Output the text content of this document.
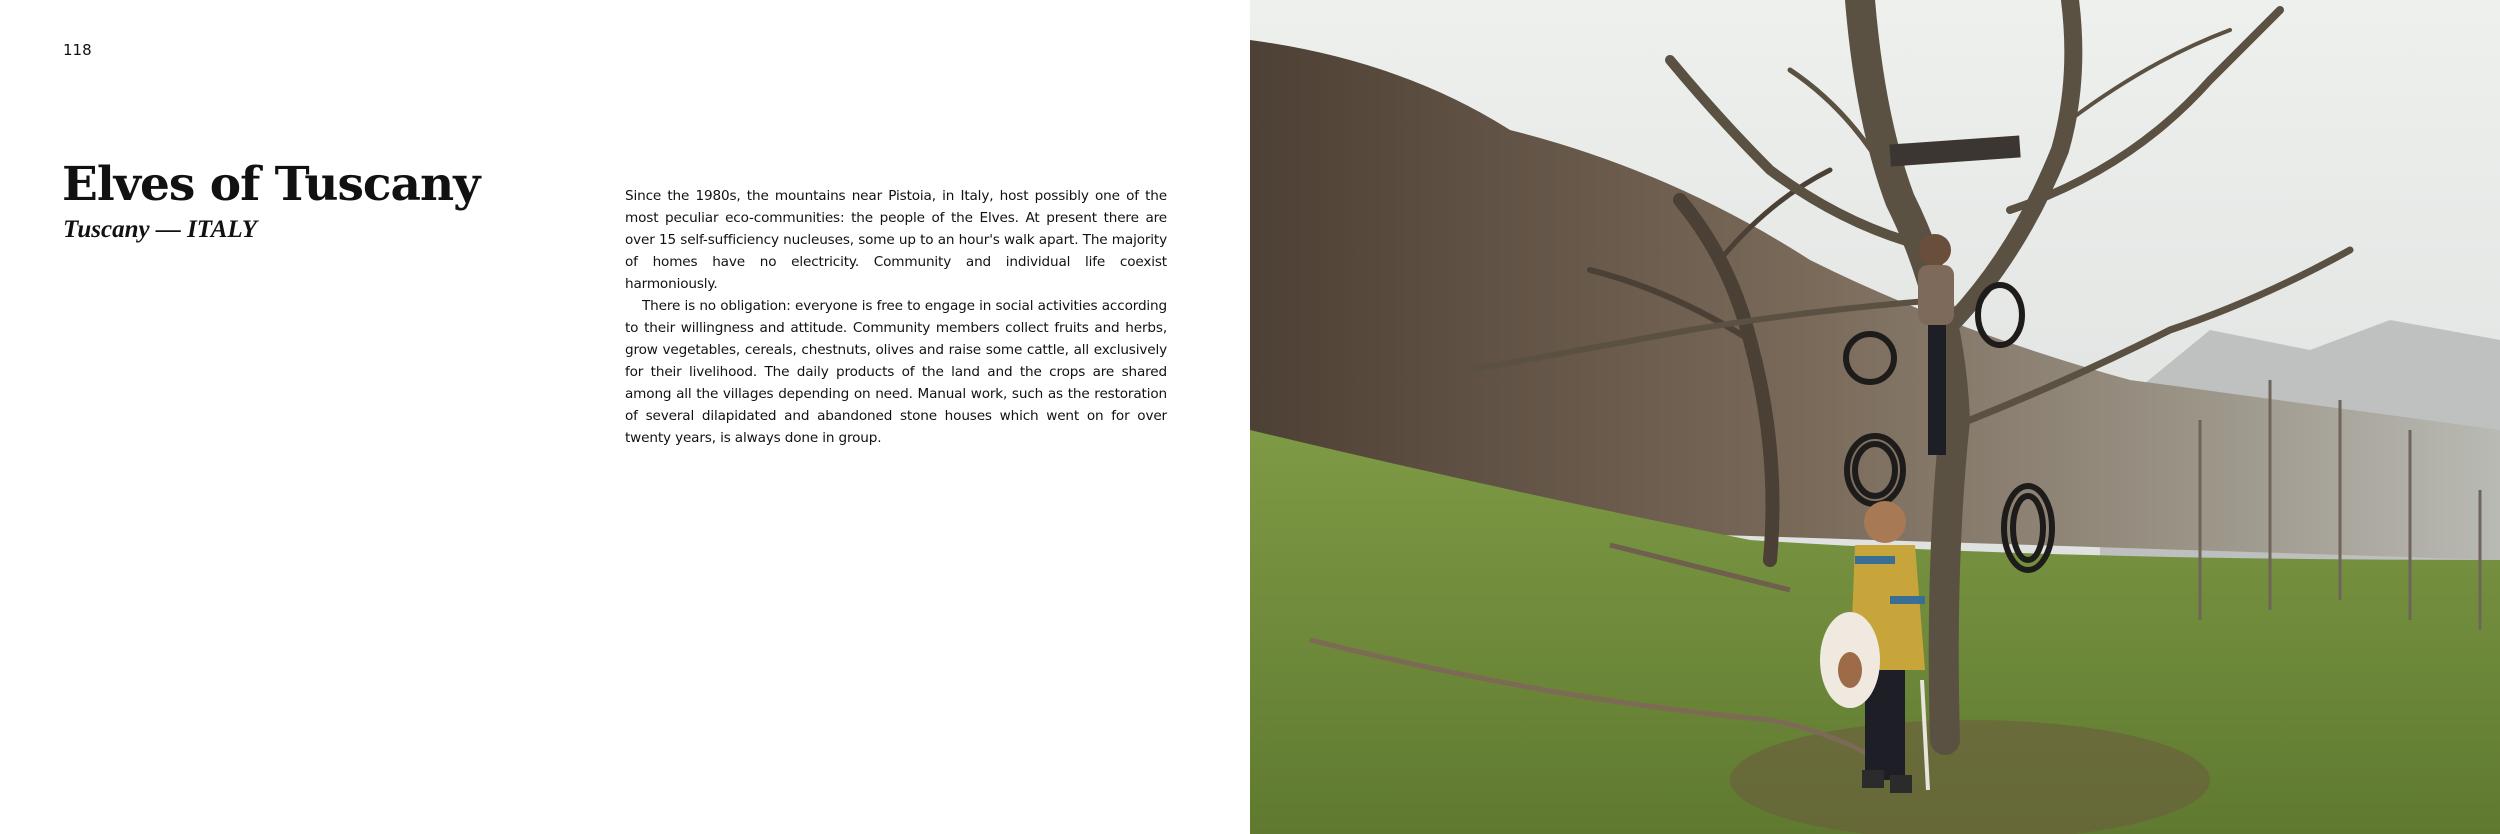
118
Elves of Tuscany
Tuscany — ITALY

Since the 1980s, the mountains near Pistoia, in Italy, host possibly one of the most peculiar eco-communities: the people of the Elves. At present there are over 15 self-sufficiency nucleuses, some up to an hour's walk apart. The majority of homes have no electricity. Community and individual life coexist harmoniously.

There is no obligation: everyone is free to engage in social activities according to their willingness and attitude. Community members collect fruits and herbs, grow vegetables, cereals, chestnuts, olives and raise some cattle, all exclusively for their livelihood. The daily products of the land and the crops are shared among all the villages depending on need. Manual work, such as the restoration of several dilapidated and abandoned stone houses which went on for over twenty years, is always done in group.
